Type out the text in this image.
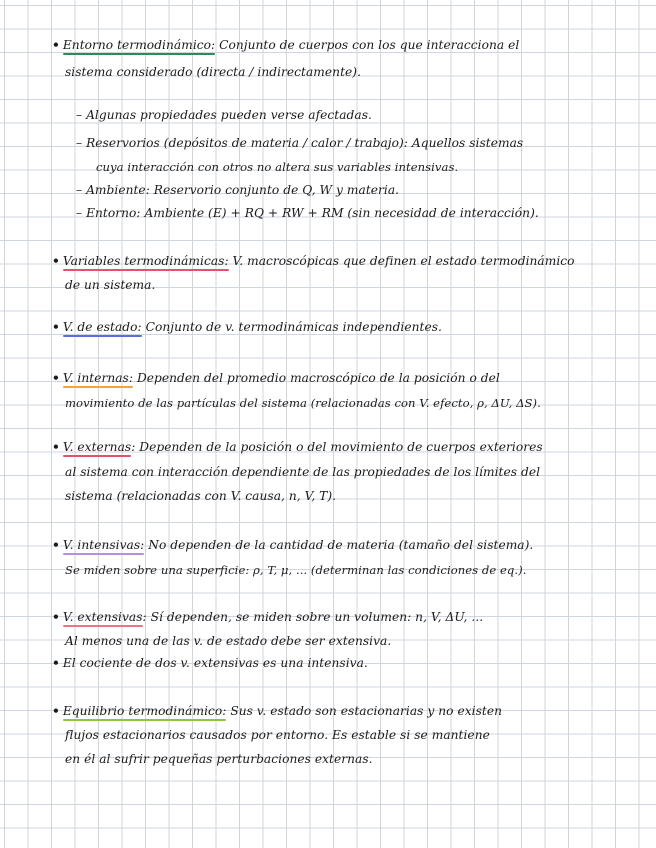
• Entorno termodinámico:
Conjunto de cuerpos con los que interacciona el
sistema considerado (directa / indirectamente).
– Algunas propiedades pueden verse afectadas.
– Reservorios (depósitos de materia / calor / trabajo): Aquellos sistemas
cuya interacción con otros no altera sus variables intensivas.
– Ambiente: Reservorio conjunto de Q, W y materia.
– Entorno: Ambiente (E) + RQ + RW + RM (sin necesidad de interacción).
• Variables termodinámicas:
V. macroscópicas que definen el estado termodinámico
de un sistema.
• V. de estado:
Conjunto de v. termodinámicas independientes.
• V. internas:
Dependen del promedio macroscópico de la posición o del
movimiento de las partículas del sistema (relacionadas con V. efecto, ρ, ΔU, ΔS).
• V. externas
: Dependen de la posición o del movimiento de cuerpos exteriores
al sistema con interacción dependiente de las propiedades de los límites del
sistema (relacionadas con V. causa, n, V, T).
• V. intensivas:
No dependen de la cantidad de materia (tamaño del sistema).
Se miden sobre una superficie: ρ, T, μ, ... (determinan las condiciones de eq.).
• V. extensivas
: Sí dependen, se miden sobre un volumen: n, V, ΔU, ...
Al menos una de las v. de estado debe ser extensiva.
• El cociente de dos v. extensivas es una intensiva.
• Equilibrio termodinámico:
Sus v. estado son estacionarias y no existen
flujos estacionarios causados por entorno. Es estable si se mantiene
en él al sufrir pequeñas perturbaciones externas.
